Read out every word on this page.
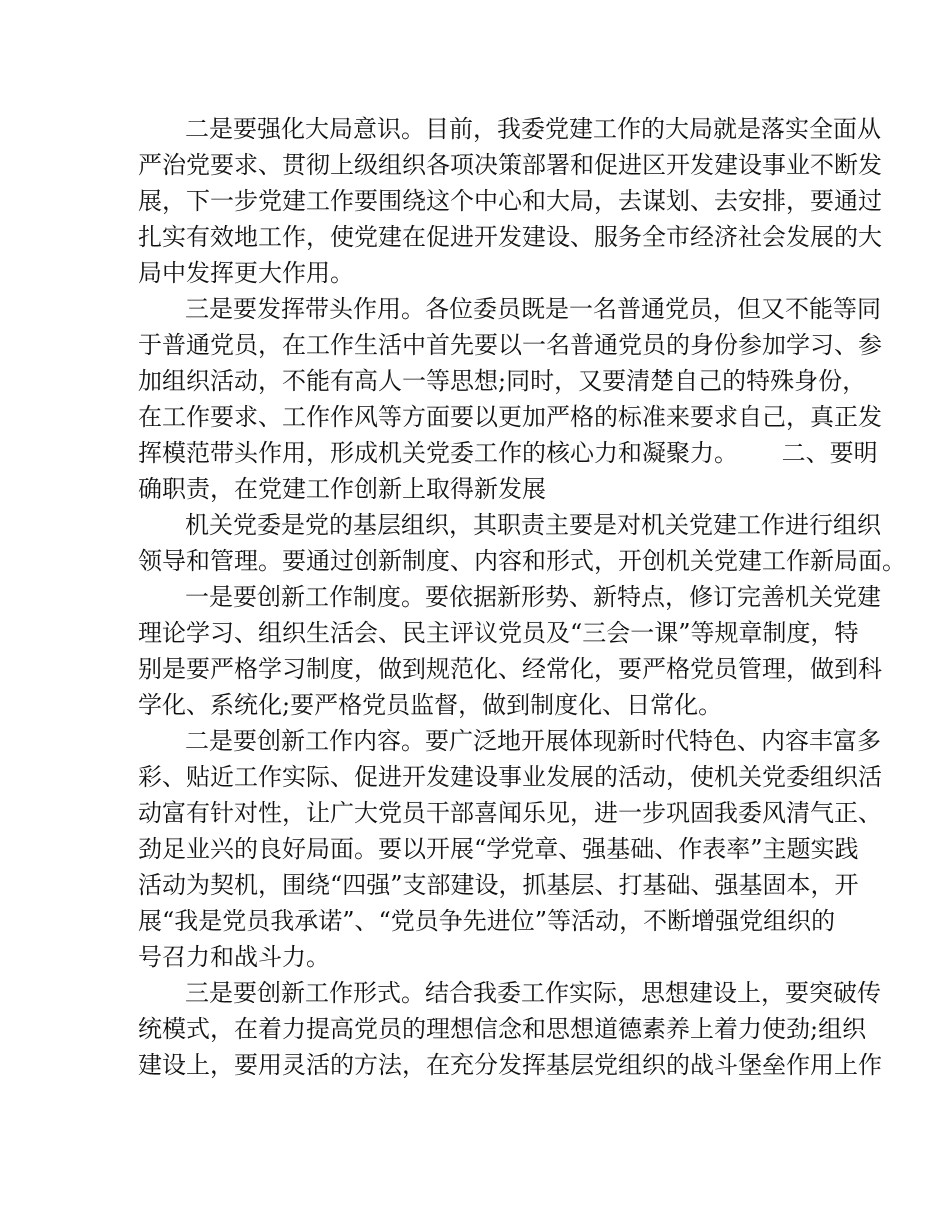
二是要强化大局意识。目前，我委党建工作的大局就是落实全面从

严治党要求、贯彻上级组织各项决策部署和促进区开发建设事业不断发

展，下一步党建工作要围绕这个中心和大局，去谋划、去安排，要通过

扎实有效地工作，使党建在促进开发建设、服务全市经济社会发展的大

局中发挥更大作用。

三是要发挥带头作用。各位委员既是一名普通党员，但又不能等同

于普通党员，在工作生活中首先要以一名普通党员的身份参加学习、参

加组织活动，不能有高人一等思想;同时，又要清楚自己的特殊身份，

在工作要求、工作作风等方面要以更加严格的标准来要求自己，真正发

挥模范带头作用，形成机关党委工作的核心力和凝聚力。　　 二、要明

确职责，在党建工作创新上取得新发展

机关党委是党的基层组织，其职责主要是对机关党建工作进行组织

领导和管理。要通过创新制度、内容和形式，开创机关党建工作新局面。

一是要创新工作制度。要依据新形势、新特点，修订完善机关党建

理论学习、组织生活会、民主评议党员及“三会一课”等规章制度，特

别是要严格学习制度，做到规范化、经常化，要严格党员管理，做到科

学化、系统化;要严格党员监督，做到制度化、日常化。

二是要创新工作内容。要广泛地开展体现新时代特色、内容丰富多

彩、贴近工作实际、促进开发建设事业发展的活动，使机关党委组织活

动富有针对性，让广大党员干部喜闻乐见，进一步巩固我委风清气正、

劲足业兴的良好局面。要以开展“学党章、强基础、作表率”主题实践

活动为契机，围绕“四强”支部建设，抓基层、打基础、强基固本，开

展“我是党员我承诺”、“党员争先进位”等活动，不断增强党组织的

号召力和战斗力。

三是要创新工作形式。结合我委工作实际，思想建设上，要突破传

统模式，在着力提高党员的理想信念和思想道德素养上着力使劲;组织

建设上，要用灵活的方法，在充分发挥基层党组织的战斗堡垒作用上作
